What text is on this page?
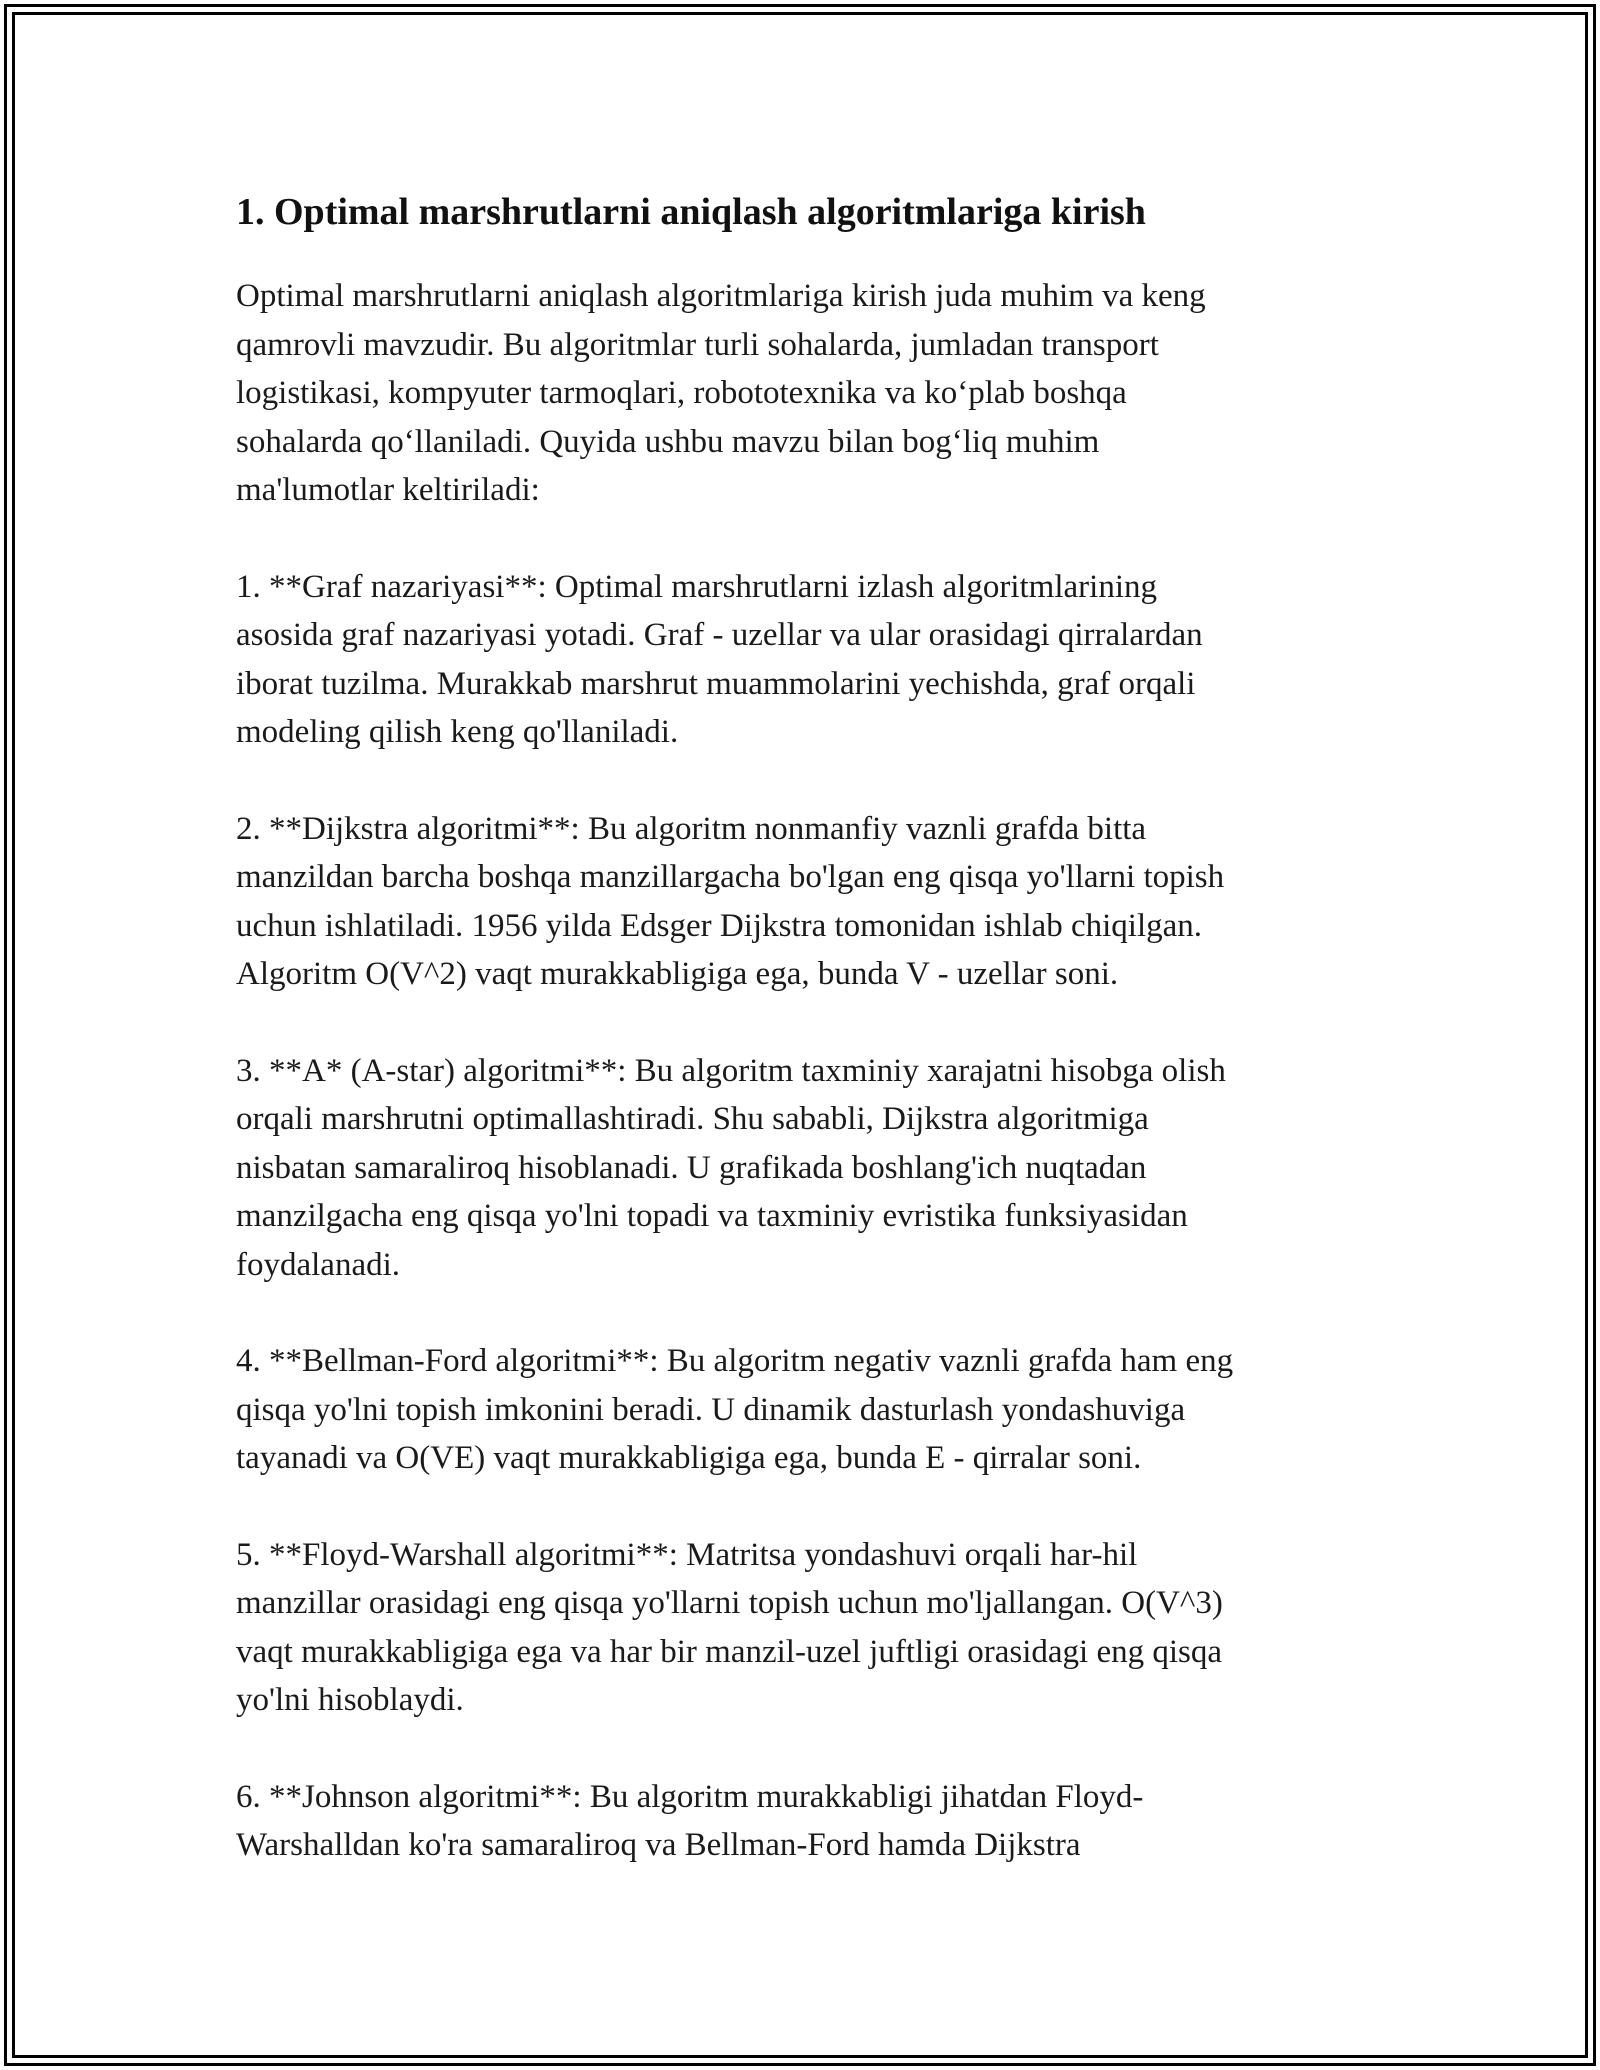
1. Optimal marshrutlarni aniqlash algoritmlariga kirish

Optimal marshrutlarni aniqlash algoritmlariga kirish juda muhim va keng
qamrovli mavzudir. Bu algoritmlar turli sohalarda, jumladan transport
logistikasi, kompyuter tarmoqlari, robototexnika va ko‘plab boshqa
sohalarda qo‘llaniladi. Quyida ushbu mavzu bilan bog‘liq muhim
ma'lumotlar keltiriladi:

1. **Graf nazariyasi**: Optimal marshrutlarni izlash algoritmlarining
asosida graf nazariyasi yotadi. Graf - uzellar va ular orasidagi qirralardan
iborat tuzilma. Murakkab marshrut muammolarini yechishda, graf orqali
modeling qilish keng qo'llaniladi.

2. **Dijkstra algoritmi**: Bu algoritm nonmanfiy vaznli grafda bitta
manzildan barcha boshqa manzillargacha bo'lgan eng qisqa yo'llarni topish
uchun ishlatiladi. 1956 yilda Edsger Dijkstra tomonidan ishlab chiqilgan.
Algoritm O(V^2) vaqt murakkabligiga ega, bunda V - uzellar soni.

3. **A* (A-star) algoritmi**: Bu algoritm taxminiy xarajatni hisobga olish
orqali marshrutni optimallashtiradi. Shu sababli, Dijkstra algoritmiga
nisbatan samaraliroq hisoblanadi. U grafikada boshlang'ich nuqtadan
manzilgacha eng qisqa yo'lni topadi va taxminiy evristika funksiyasidan
foydalanadi.

4. **Bellman-Ford algoritmi**: Bu algoritm negativ vaznli grafda ham eng
qisqa yo'lni topish imkonini beradi. U dinamik dasturlash yondashuviga
tayanadi va O(VE) vaqt murakkabligiga ega, bunda E - qirralar soni.

5. **Floyd-Warshall algoritmi**: Matritsa yondashuvi orqali har-hil
manzillar orasidagi eng qisqa yo'llarni topish uchun mo'ljallangan. O(V^3)
vaqt murakkabligiga ega va har bir manzil-uzel juftligi orasidagi eng qisqa
yo'lni hisoblaydi.

6. **Johnson algoritmi**: Bu algoritm murakkabligi jihatdan Floyd-
Warshalldan ko'ra samaraliroq va Bellman-Ford hamda Dijkstra
